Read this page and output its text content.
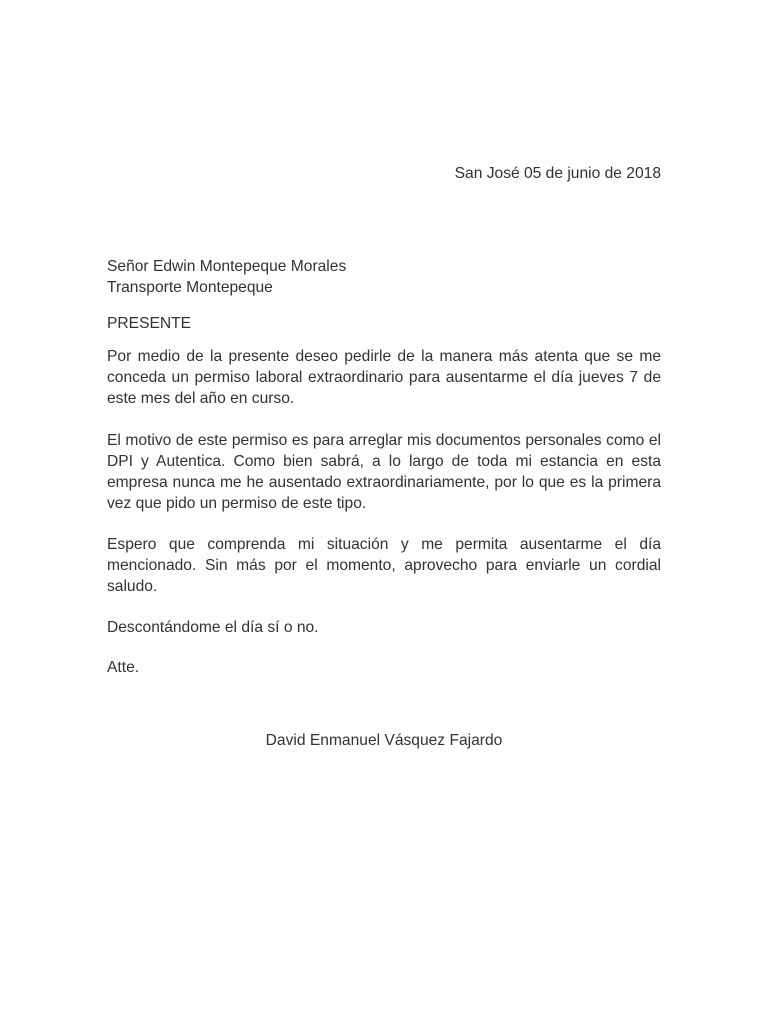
San José 05 de junio de 2018

Señor Edwin Montepeque Morales
Transporte Montepeque

PRESENTE

Por medio de la presente deseo pedirle de la manera más atenta que se me conceda un permiso laboral extraordinario para ausentarme el día jueves 7 de este mes del año en curso.

El motivo de este permiso es para arreglar mis documentos personales como el DPI y Autentica. Como bien sabrá, a lo largo de toda mi estancia en esta empresa nunca me he ausentado extraordinariamente, por lo que es la primera vez que pido un permiso de este tipo.

Espero que comprenda mi situación y me permita ausentarme el día mencionado. Sin más por el momento, aprovecho para enviarle un cordial saludo.

Descontándome el día sí o no.

Atte.

David Enmanuel Vásquez Fajardo
